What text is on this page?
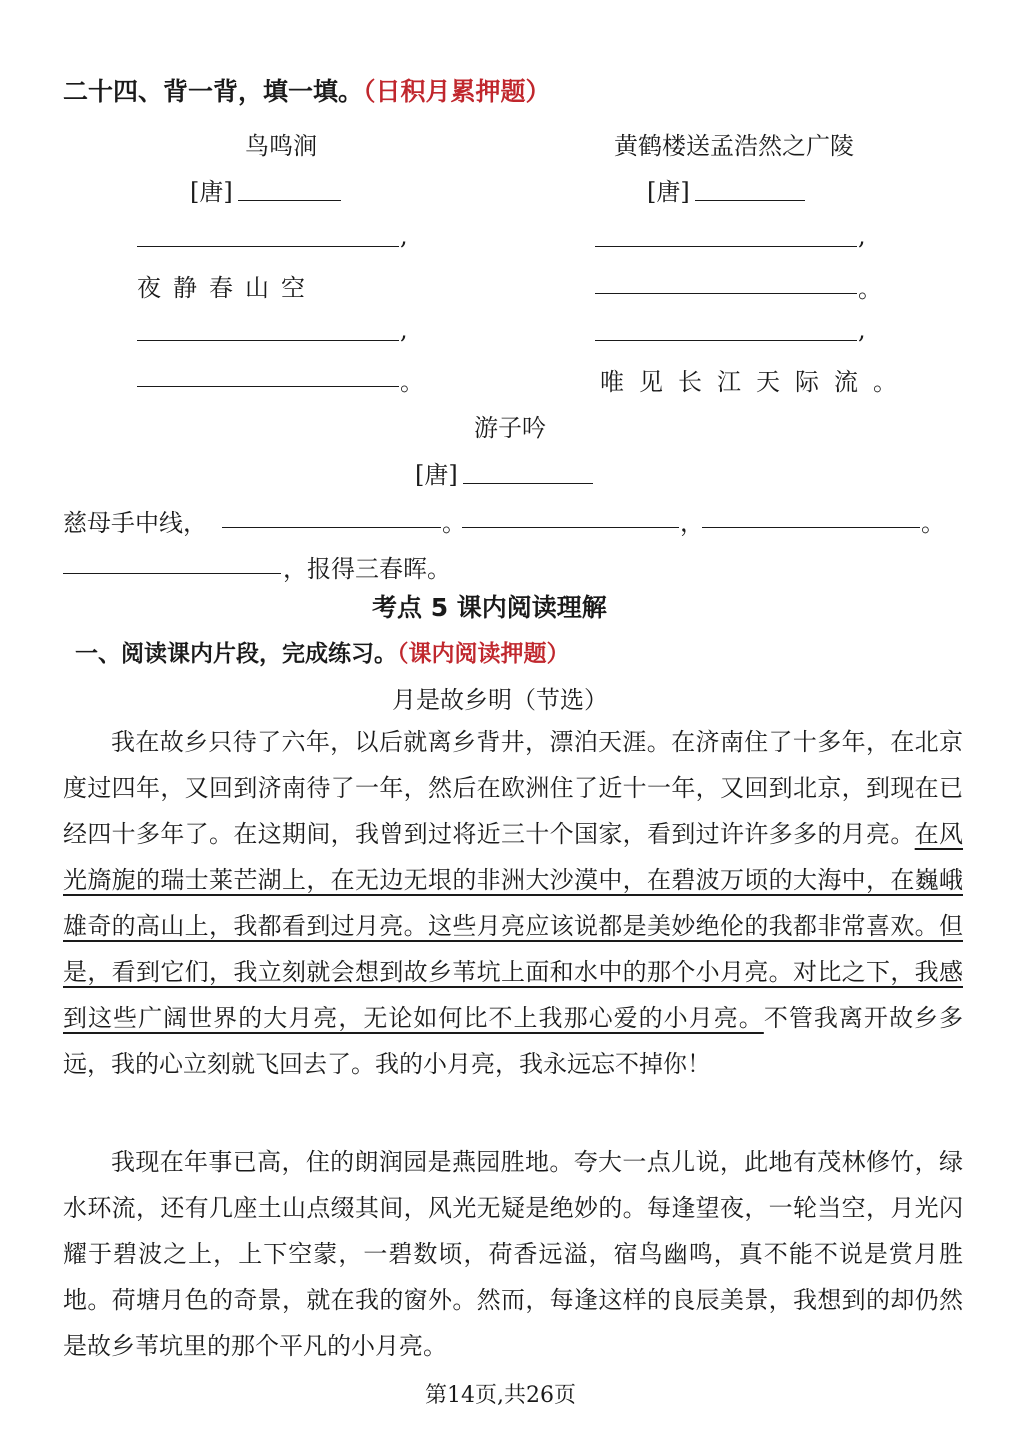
二十四、背一背，填一填。（日积月累押题）
鸟鸣涧
[唐]
,
夜静春山空
,
。
黄鹤楼送孟浩然之广陵
[唐]
,
。
,
唯见长江天际流。
游子吟
[唐]
慈母手中线，	。	，	。
，报得三春晖。
考点 5 课内阅读理解
一、阅读课内片段，完成练习。（课内阅读押题）
月是故乡明（节选）

我在故乡只待了六年，以后就离乡背井，漂泊天涯。在济南住了十多年，在北京度过四年，又回到济南待了一年，然后在欧洲住了近十一年，又回到北京，到现在已经四十多年了。在这期间，我曾到过将近三十个国家，看到过许许多多的月亮。在风光旖旎的瑞士莱芒湖上，在无边无垠的非洲大沙漠中，在碧波万顷的大海中，在巍峨雄奇的高山上，我都看到过月亮。这些月亮应该说都是美妙绝伦的我都非常喜欢。但是，看到它们，我立刻就会想到故乡苇坑上面和水中的那个小月亮。对比之下，我感到这些广阔世界的大月亮，无论如何比不上我那心爱的小月亮。不管我离开故乡多远，我的心立刻就飞回去了。我的小月亮，我永远忘不掉你！

我现在年事已高，住的朗润园是燕园胜地。夸大一点儿说，此地有茂林修竹，绿水环流，还有几座土山点缀其间，风光无疑是绝妙的。每逢望夜，一轮当空，月光闪耀于碧波之上，上下空蒙，一碧数顷，荷香远溢，宿鸟幽鸣，真不能不说是赏月胜地。荷塘月色的奇景，就在我的窗外。然而，每逢这样的良辰美景，我想到的却仍然是故乡苇坑里的那个平凡的小月亮。

第14页,共26页
